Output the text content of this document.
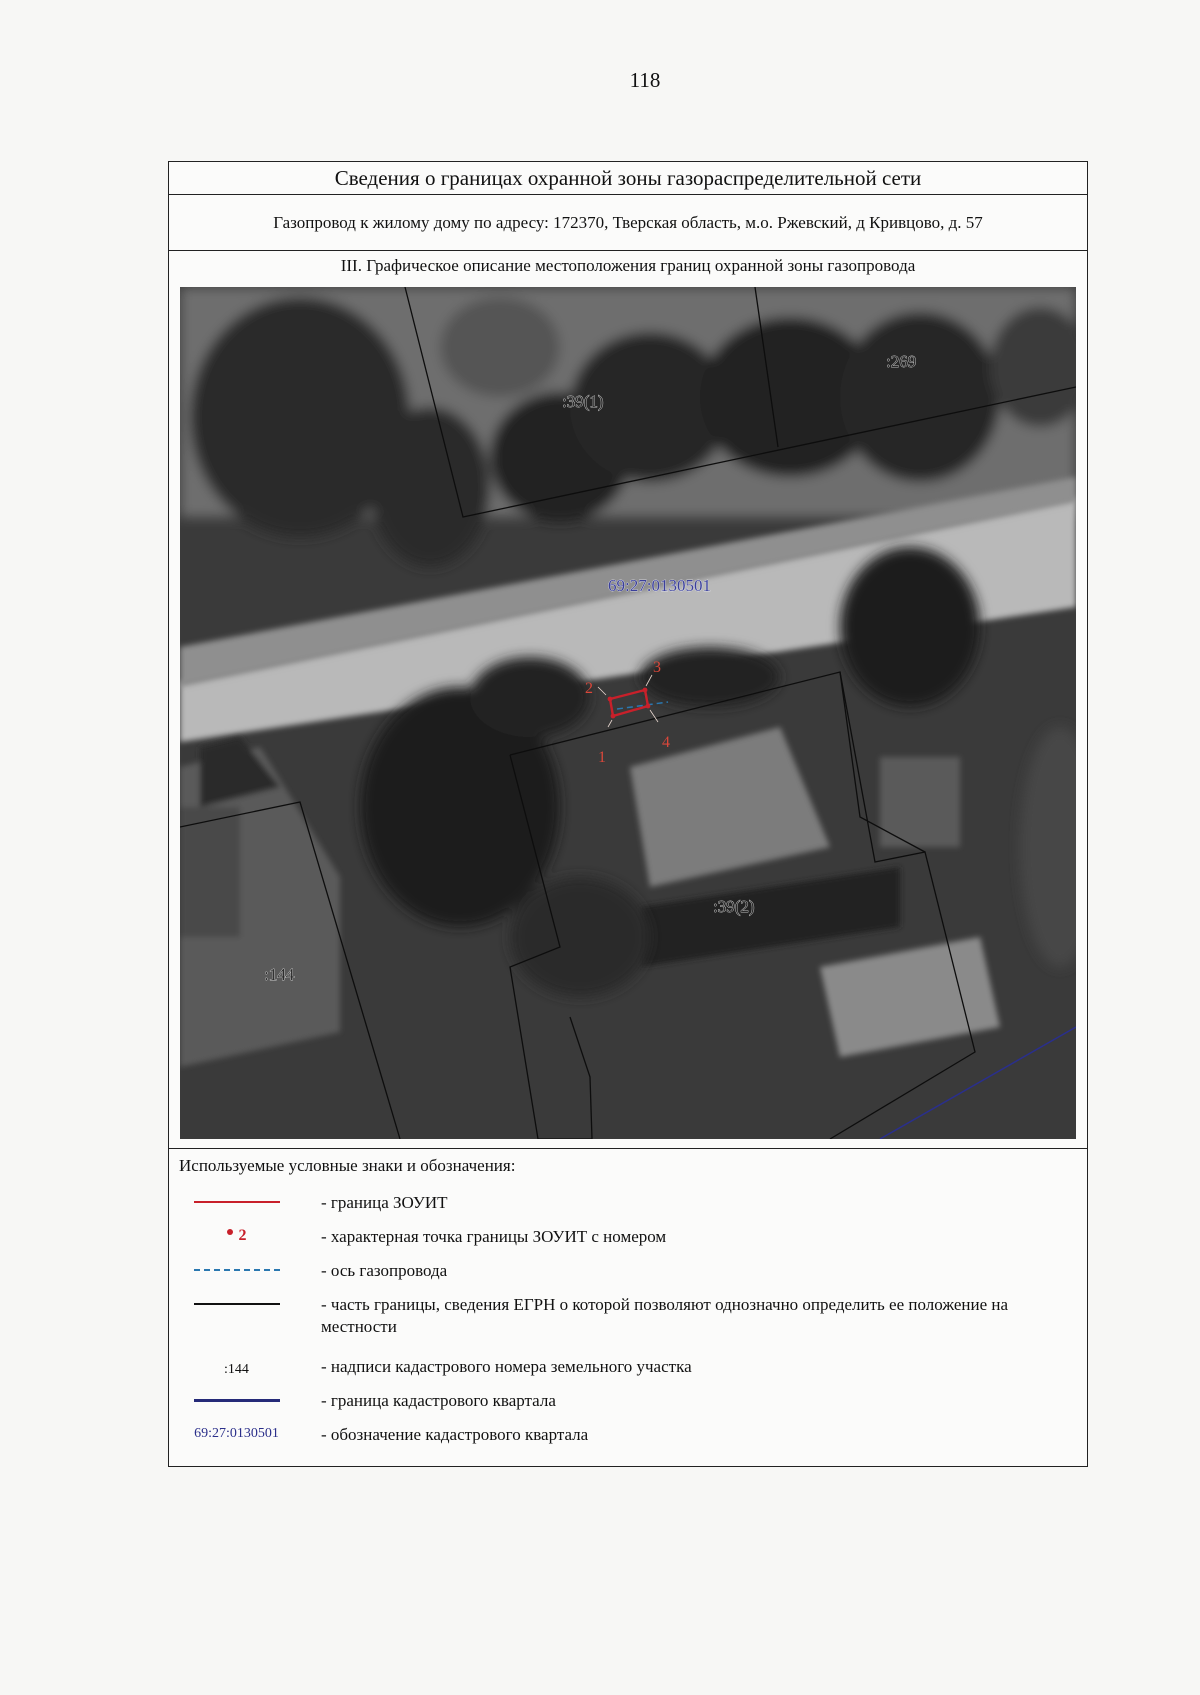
118
Сведения о границах охранной зоны газораспределительной сети
Газопровод к жилому дому по адресу: 172370, Тверская область, м.о. Ржевский, д Кривцово, д. 57
III. Графическое описание местоположения границ охранной зоны газопровода
1
2
3
4
:39(1)
:269
:39(2)
:144
69:27:0130501
Используемые условные знаки и обозначения:
- граница ЗОУИТ
2	- характерная точка границы ЗОУИТ с номером
- ось газопровода
- часть границы, сведения ЕГРН о которой позволяют однозначно определить ее положение на местности
:144	- надписи кадастрового номера земельного участка
- граница кадастрового квартала
69:27:0130501 - обозначение кадастрового квартала
